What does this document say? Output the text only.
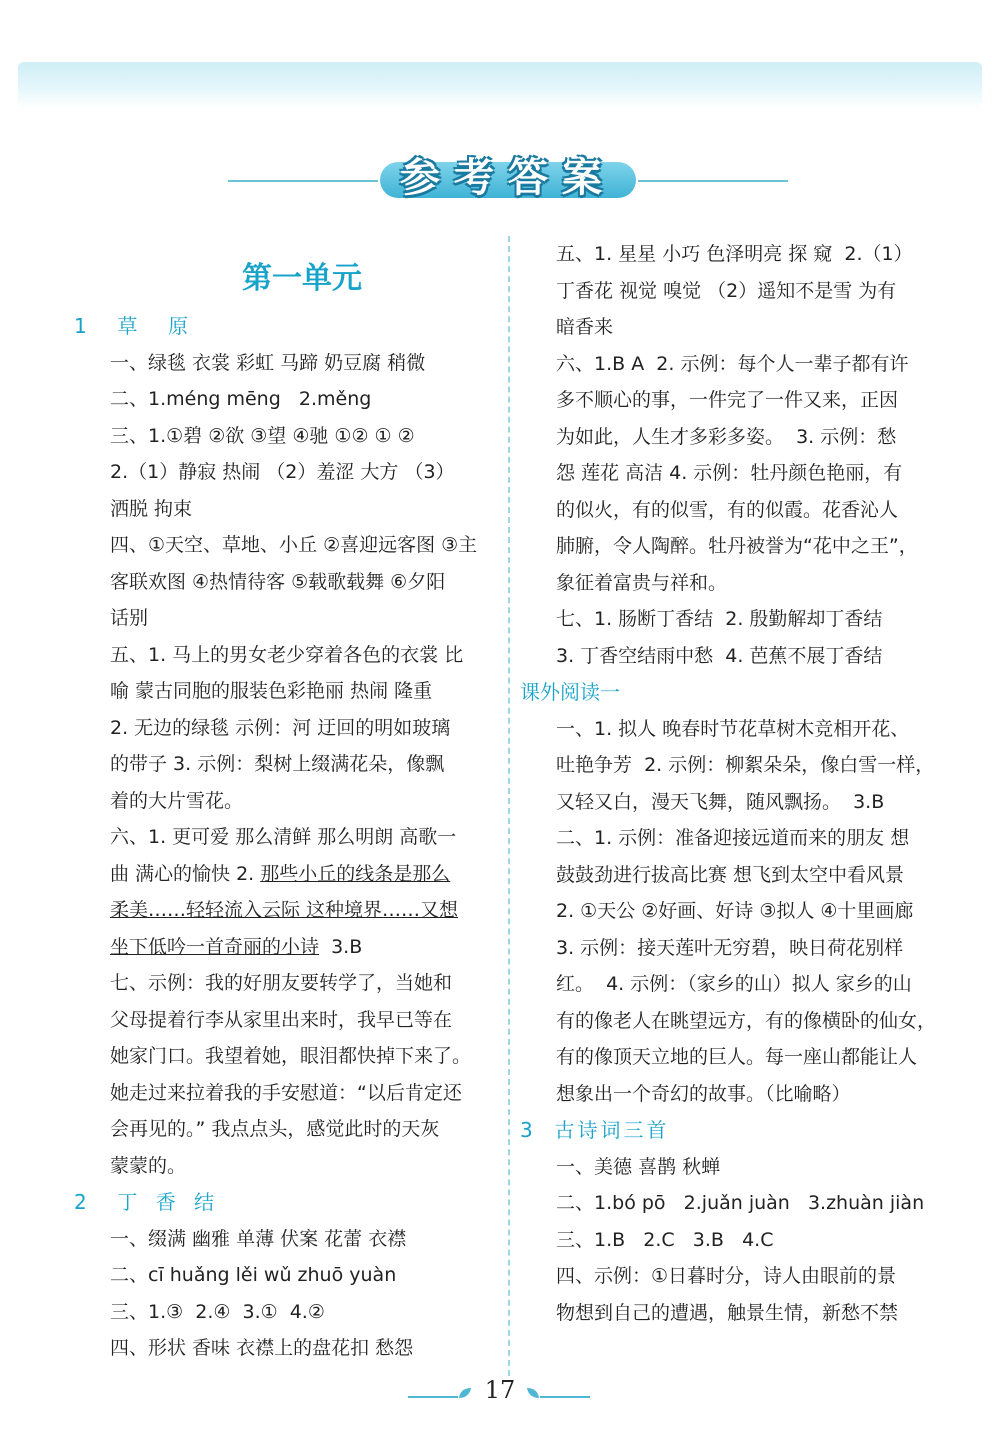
参考答案
第一单元
1  草  原
一、绿毯 衣裳 彩虹 马蹄 奶豆腐 稍微
二、1.méng mēng   2.měng
三、1.①碧 ②欲 ③望 ④驰 ①② ① ②
2.（1）静寂 热闹 （2）羞涩 大方 （3）
洒脱 拘束
四、①天空、草地、小丘 ②喜迎远客图 ③主
客联欢图 ④热情待客 ⑤载歌载舞 ⑥夕阳
话别
五、1. 马上的男女老少穿着各色的衣裳 比
喻 蒙古同胞的服装色彩艳丽 热闹 隆重
2. 无边的绿毯 示例：河 迂回的明如玻璃
的带子 3. 示例：梨树上缀满花朵，像飘
着的大片雪花。
六、1. 更可爱 那么清鲜 那么明朗 高歌一
曲 满心的愉快 2. 那些小丘的线条是那么
柔美……轻轻流入云际 这种境界……又想
坐下低吟一首奇丽的小诗  3.B
七、示例：我的好朋友要转学了，当她和
父母提着行李从家里出来时，我早已等在
她家门口。我望着她，眼泪都快掉下来了。
她走过来拉着我的手安慰道：“以后肯定还
会再见的。” 我点点头，感觉此时的天灰
蒙蒙的。
2  丁 香 结
一、缀满 幽雅 单薄 伏案 花蕾 衣襟
二、cī huǎng lěi wǔ zhuō yuàn
三、1.③  2.④  3.①  4.②
四、形状 香味 衣襟上的盘花扣 愁怨
五、1. 星星 小巧 色泽明亮 探 窥  2.（1）
丁香花 视觉 嗅觉 （2）遥知不是雪 为有
暗香来
六、1.B A  2. 示例：每个人一辈子都有许
多不顺心的事，一件完了一件又来，正因
为如此，人生才多彩多姿。  3. 示例：愁
怨 莲花 高洁 4. 示例：牡丹颜色艳丽，有
的似火，有的似雪，有的似霞。花香沁人
肺腑，令人陶醉。牡丹被誉为“花中之王”，
象征着富贵与祥和。
七、1. 肠断丁香结  2. 殷勤解却丁香结
3. 丁香空结雨中愁  4. 芭蕉不展丁香结
课外阅读一
一、1. 拟人 晚春时节花草树木竞相开花、
吐艳争芳  2. 示例：柳絮朵朵，像白雪一样，
又轻又白，漫天飞舞，随风飘扬。  3.B
二、1. 示例：准备迎接远道而来的朋友 想
鼓鼓劲进行拔高比赛 想飞到太空中看风景
2. ①天公 ②好画、好诗 ③拟人 ④十里画廊
3. 示例：接天莲叶无穷碧，映日荷花别样
红。  4. 示例：（家乡的山）拟人 家乡的山
有的像老人在眺望远方，有的像横卧的仙女，
有的像顶天立地的巨人。每一座山都能让人
想象出一个奇幻的故事。（比喻略）
3  古诗词三首
一、美德 喜鹊 秋蝉
二、1.bó pō   2.juǎn juàn   3.zhuàn jiàn
三、1.B   2.C   3.B   4.C
四、示例：①日暮时分，诗人由眼前的景
物想到自己的遭遇，触景生情，新愁不禁
17
